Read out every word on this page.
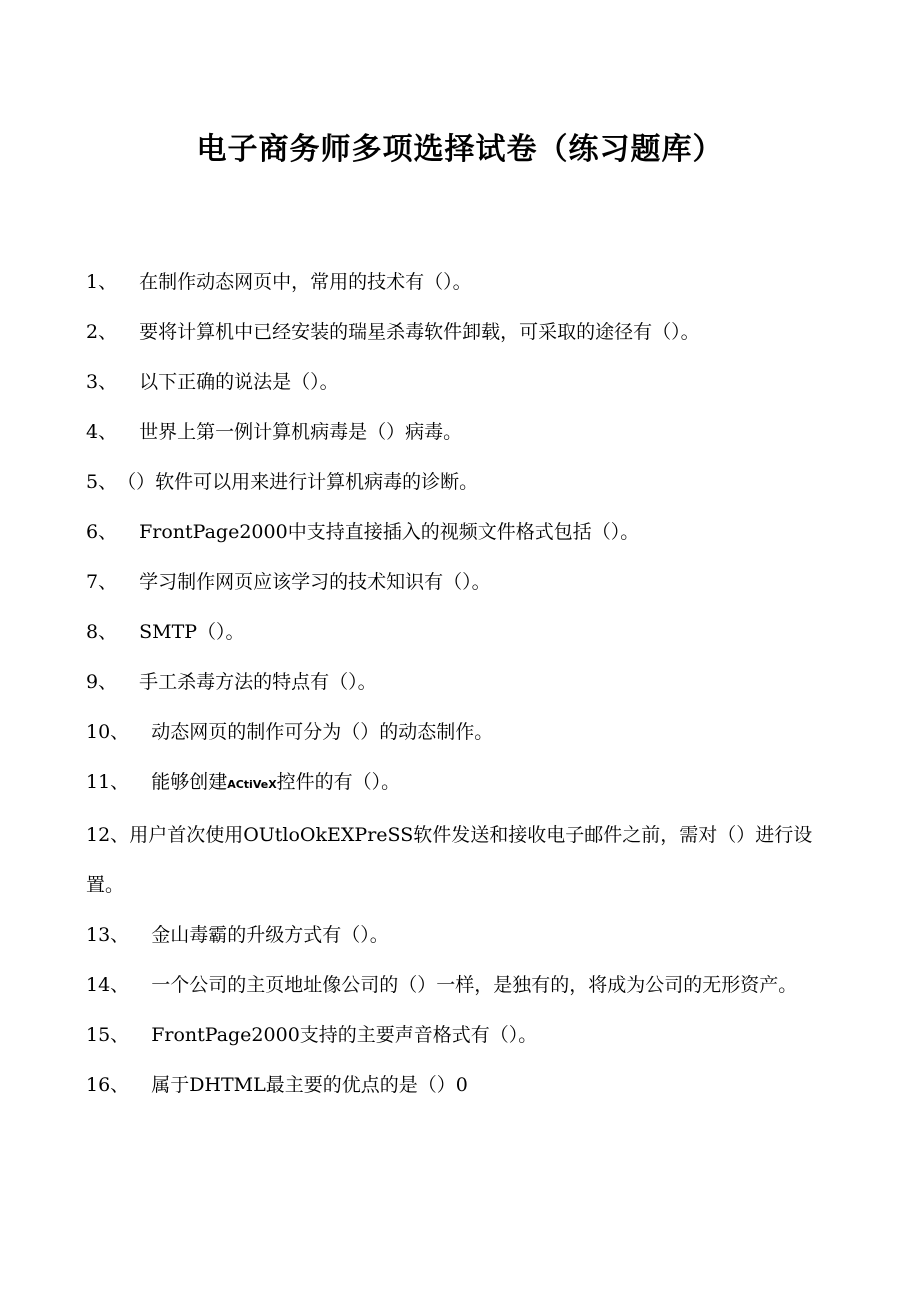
电子商务师多项选择试卷（练习题库）
1、 在制作动态网页中，常用的技术有（）。
2、 要将计算机中已经安装的瑞星杀毒软件卸载，可采取的途径有（）。
3、 以下正确的说法是（）。
4、 世界上第一例计算机病毒是（）病毒。
5、（）软件可以用来进行计算机病毒的诊断。
6、 FrontPage2000中支持直接插入的视频文件格式包括（）。
7、 学习制作网页应该学习的技术知识有（）。
8、 SMTP（）。
9、 手工杀毒方法的特点有（）。
10、 动态网页的制作可分为（）的动态制作。
11、 能够创建ACtiVeX控件的有（）。
12、用户首次使用OUtloOkEXPreSS软件发送和接收电子邮件之前，需对（）进行设置。
13、 金山毒霸的升级方式有（）。
14、 一个公司的主页地址像公司的（）一样，是独有的，将成为公司的无形资产。
15、 FrontPage2000支持的主要声音格式有（）。
16、 属于DHTML最主要的优点的是（）0
